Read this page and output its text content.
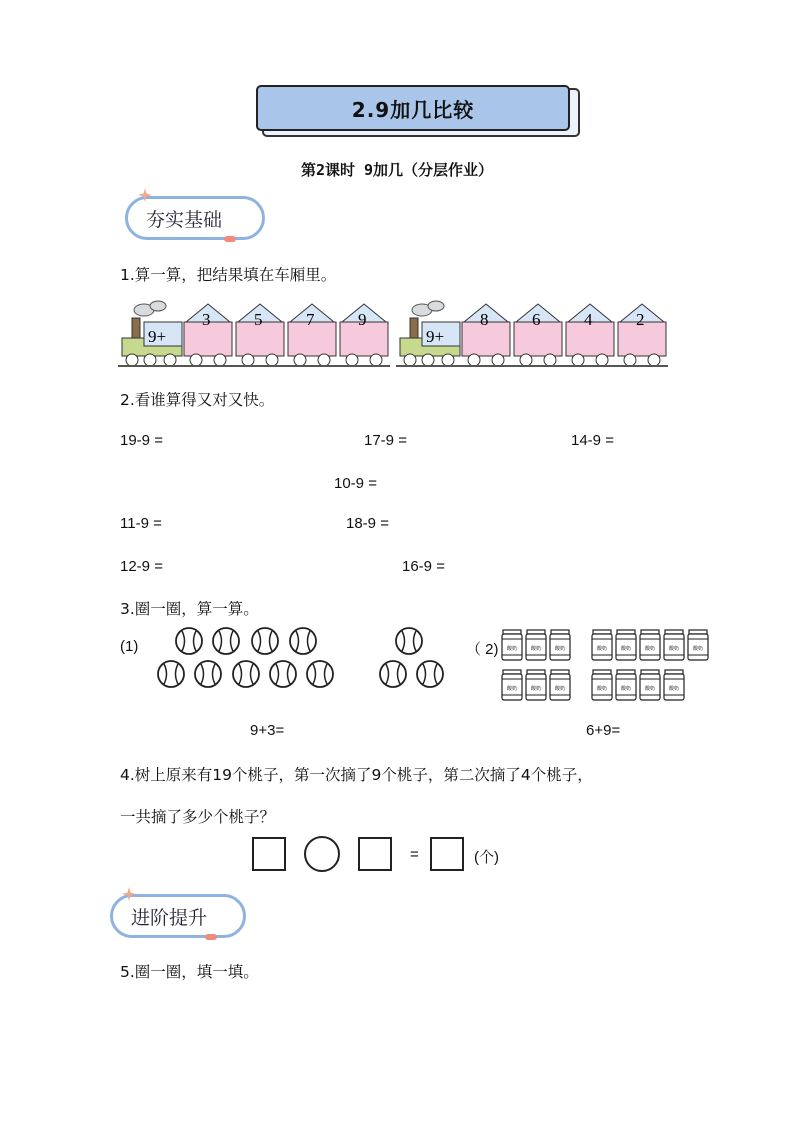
2.9加几比较
第2课时 9加几（分层作业）
夯实基础
1.算一算，把结果填在车厢里。
9+
3	5	7	9
9+
8	6	4	2
2.看谁算得又对又快。
19-9 =	17-9 =	14-9 =
10-9 =
11-9 =	18-9 =
12-9 =	16-9 =
3.圈一圈，算一算。
(1)	（ 2) 酸奶	酸奶	酸奶
酸奶	酸奶	酸奶
酸奶	酸奶	酸奶	酸奶	酸奶
酸奶	酸奶	酸奶	酸奶
9+3=	6+9=
4.树上原来有19个桃子，第一次摘了9个桃子，第二次摘了4个桃子，
一共摘了多少个桃子？
=	(个)
进阶提升
5.圈一圈，填一填。
